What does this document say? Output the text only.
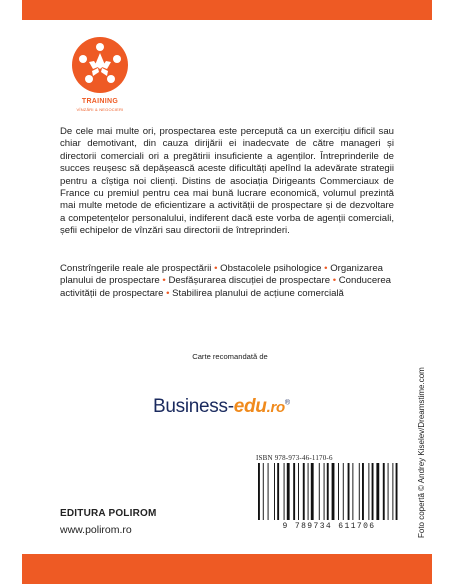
TRAINING
VÎNZĂRI & NEGOCIERI

De cele mai multe ori, prospectarea este percepută ca un exercițiu dificil sau chiar demotivant, din cauza dirijării ei inadecvate de către manageri și directorii comerciali ori a pregătirii insuficiente a agenților. Întreprinderile de succes reușesc să depășească aceste dificultăți apelînd la adevărate strategii pentru a cîștiga noi clienți. Distins de asociația Dirigeants Commerciaux de France cu premiul pentru cea mai bună lucrare economică, volumul prezintă mai multe metode de eficientizare a activității de prospectare și de dezvoltare a competențelor personalului, indiferent dacă este vorba de agenții comerciali, șefii echipelor de vînzări sau directorii de întreprinderi.

Constrîngerile reale ale prospectării • Obstacolele psihologice • Organizarea planului de prospectare • Desfășurarea discuției de prospectare • Conducerea activității de prospectare • Stabilirea planului de acțiune comercială

Carte recomandată de
Business-edu.ro®
ISBN 978-973-46-1170-6
9 789734 611706
EDITURA POLIROM
www.polirom.ro	Foto copertă © Andrey Kiselev/Dreamstime.com
